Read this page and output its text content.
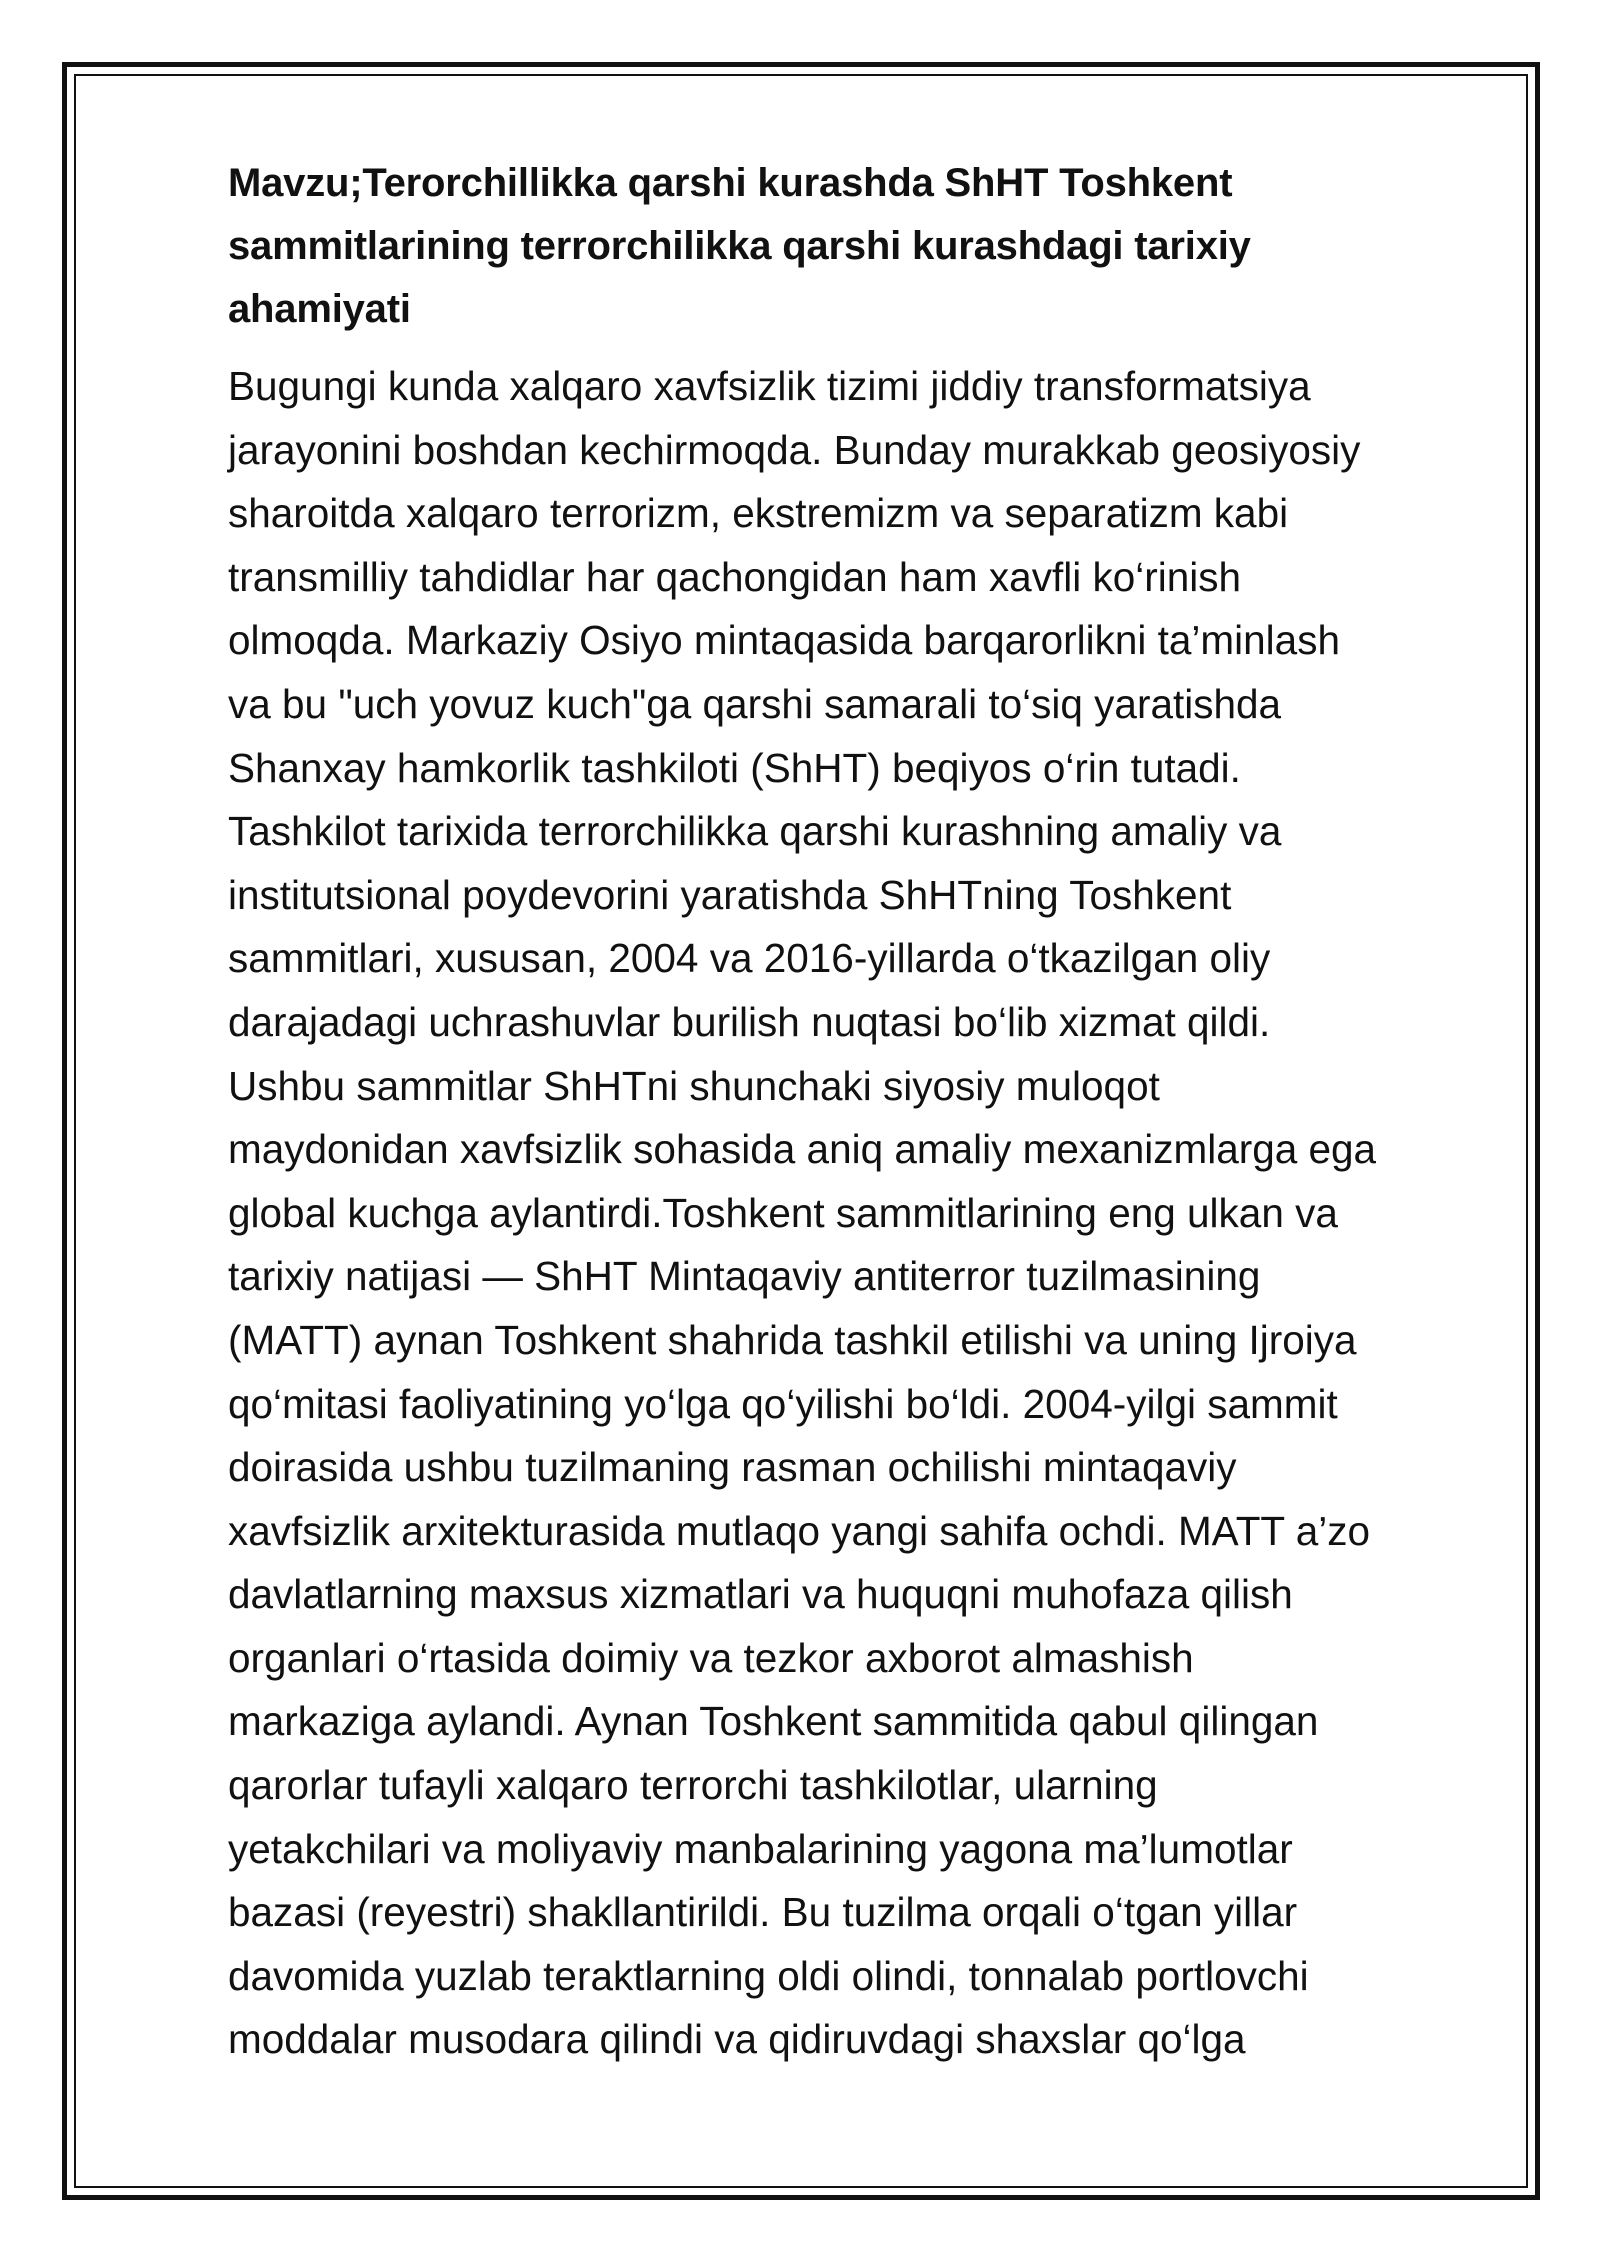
Mavzu;Terorchillikka qarshi kurashda ShHT Toshkent
sammitlarining terrorchilikka qarshi kurashdagi tarixiy
ahamiyati

Bugungi kunda xalqaro xavfsizlik tizimi jiddiy transformatsiya
jarayonini boshdan kechirmoqda. Bunday murakkab geosiyosiy
sharoitda xalqaro terrorizm, ekstremizm va separatizm kabi
transmilliy tahdidlar har qachongidan ham xavfli ko‘rinish
olmoqda. Markaziy Osiyo mintaqasida barqarorlikni ta’minlash
va bu "uch yovuz kuch"ga qarshi samarali to‘siq yaratishda
Shanxay hamkorlik tashkiloti (ShHT) beqiyos o‘rin tutadi.
Tashkilot tarixida terrorchilikka qarshi kurashning amaliy va
institutsional poydevorini yaratishda ShHTning Toshkent
sammitlari, xususan, 2004 va 2016-yillarda o‘tkazilgan oliy
darajadagi uchrashuvlar burilish nuqtasi bo‘lib xizmat qildi.
Ushbu sammitlar ShHTni shunchaki siyosiy muloqot
maydonidan xavfsizlik sohasida aniq amaliy mexanizmlarga ega
global kuchga aylantirdi.Toshkent sammitlarining eng ulkan va
tarixiy natijasi — ShHT Mintaqaviy antiterror tuzilmasining
(MATT) aynan Toshkent shahrida tashkil etilishi va uning Ijroiya
qo‘mitasi faoliyatining yo‘lga qo‘yilishi bo‘ldi. 2004-yilgi sammit
doirasida ushbu tuzilmaning rasman ochilishi mintaqaviy
xavfsizlik arxitekturasida mutlaqo yangi sahifa ochdi. MATT a’zo
davlatlarning maxsus xizmatlari va huquqni muhofaza qilish
organlari o‘rtasida doimiy va tezkor axborot almashish
markaziga aylandi. Aynan Toshkent sammitida qabul qilingan
qarorlar tufayli xalqaro terrorchi tashkilotlar, ularning
yetakchilari va moliyaviy manbalarining yagona ma’lumotlar
bazasi (reyestri) shakllantirildi. Bu tuzilma orqali o‘tgan yillar
davomida yuzlab teraktlarning oldi olindi, tonnalab portlovchi
moddalar musodara qilindi va qidiruvdagi shaxslar qo‘lga
